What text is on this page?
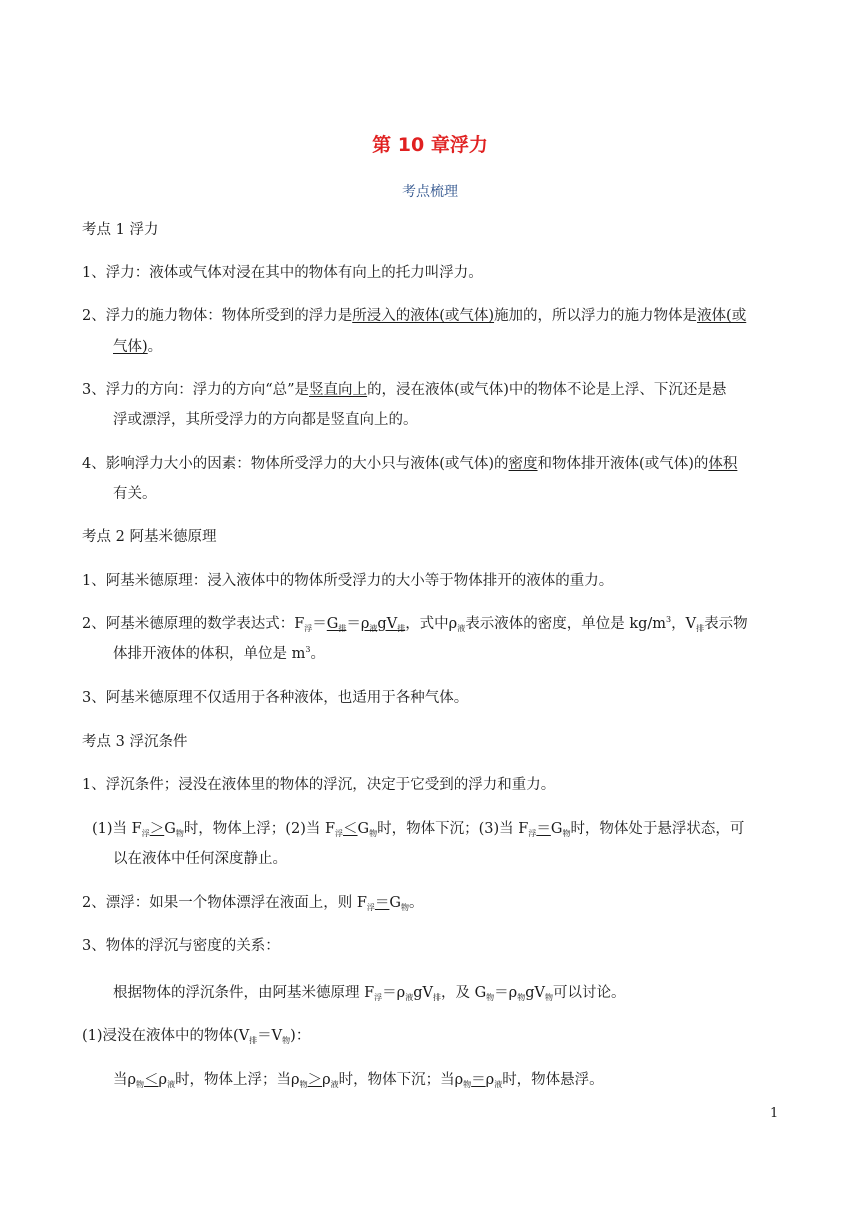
第 10 章浮力
考点梳理
考点 1 浮力
1、浮力：液体或气体对浸在其中的物体有向上的托力叫浮力。
2、浮力的施力物体：物体所受到的浮力是所浸入的液体(或气体)施加的，所以浮力的施力物体是液体(或
气体)。
3、浮力的方向：浮力的方向“总”是竖直向上的，浸在液体(或气体)中的物体不论是上浮、下沉还是悬
浮或漂浮，其所受浮力的方向都是竖直向上的。
4、影响浮力大小的因素：物体所受浮力的大小只与液体(或气体)的密度和物体排开液体(或气体)的体积
有关。
考点 2 阿基米德原理
1、阿基米德原理：浸入液体中的物体所受浮力的大小等于物体排开的液体的重力。
2、阿基米德原理的数学表达式：$F_浮=G_排=\rho_液gV_排$，式中$\rho_液$表示液体的密度，单位是 $kg/m^3$，$V_排$表示物
体排开液体的体积，单位是 $m^3$。
3、阿基米德原理不仅适用于各种液体，也适用于各种气体。
考点 3 浮沉条件
1、浮沉条件；浸没在液体里的物体的浮沉，决定于它受到的浮力和重力。
(1)当 $F_浮>G_物$时，物体上浮；(2)当 $F_浮<G_物$时，物体下沉；(3)当 $F_浮=G_物$时，物体处于悬浮状态，可
以在液体中任何深度静止。
2、漂浮：如果一个物体漂浮在液面上，则 $F_浮=G_物$。
3、物体的浮沉与密度的关系：
根据物体的浮沉条件，由阿基米德原理 $F_浮=\rho_液gV_排$，及 $G_物=\rho_物gV_物$可以讨论。
(1)浸没在液体中的物体$(V_排=V_物)$：
当$\rho_物<\rho_液$时，物体上浮；当$\rho_物>\rho_液$时，物体下沉；当$\rho_物=\rho_液$时，物体悬浮。
1
